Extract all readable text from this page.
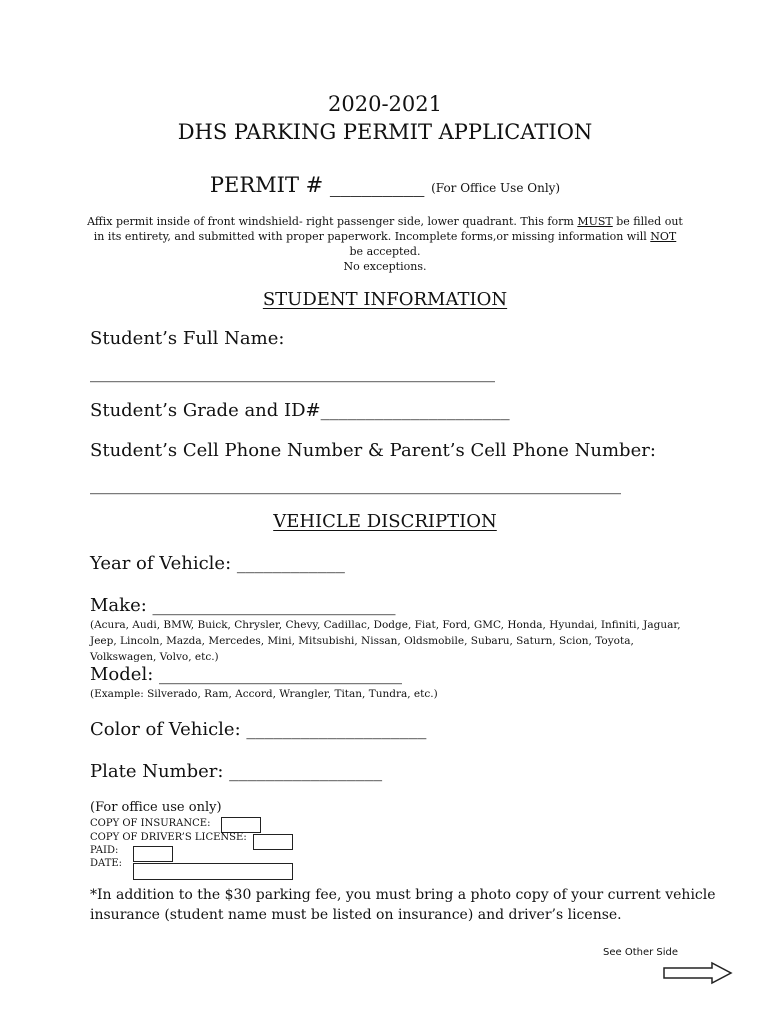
2020-2021
DHS PARKING PERMIT APPLICATION
PERMIT # _________ (For Office Use Only)
Affix permit inside of front windshield- right passenger side, lower quadrant. This form MUST be filled out in its entirety, and submitted with proper paperwork. Incomplete forms,or missing information will NOT be accepted.
No exceptions.
STUDENT INFORMATION
Student’s Full Name:
_____________________________________________
Student’s Grade and ID#_____________________
Student’s Cell Phone Number & Parent’s Cell Phone Number:
___________________________________________________________
VEHICLE DISCRIPTION
Year of Vehicle: ____________
Make: ___________________________
(Acura, Audi, BMW, Buick, Chrysler, Chevy, Cadillac, Dodge, Fiat, Ford, GMC, Honda, Hyundai, Infiniti, Jaguar, Jeep, Lincoln, Mazda, Mercedes, Mini, Mitsubishi, Nissan, Oldsmobile, Subaru, Saturn, Scion, Toyota, Volkswagen, Volvo, etc.)
Model: ___________________________
(Example: Silverado, Ram, Accord, Wrangler, Titan, Tundra, etc.)
Color of Vehicle: ____________________
Plate Number: _________________
(For office use only)
COPY OF INSURANCE:
COPY OF DRIVER’S LICENSE:
PAID:
DATE:
*In addition to the $30 parking fee, you must bring a photo copy of your current vehicle insurance (student name must be listed on insurance) and driver’s license.
See Other Side
